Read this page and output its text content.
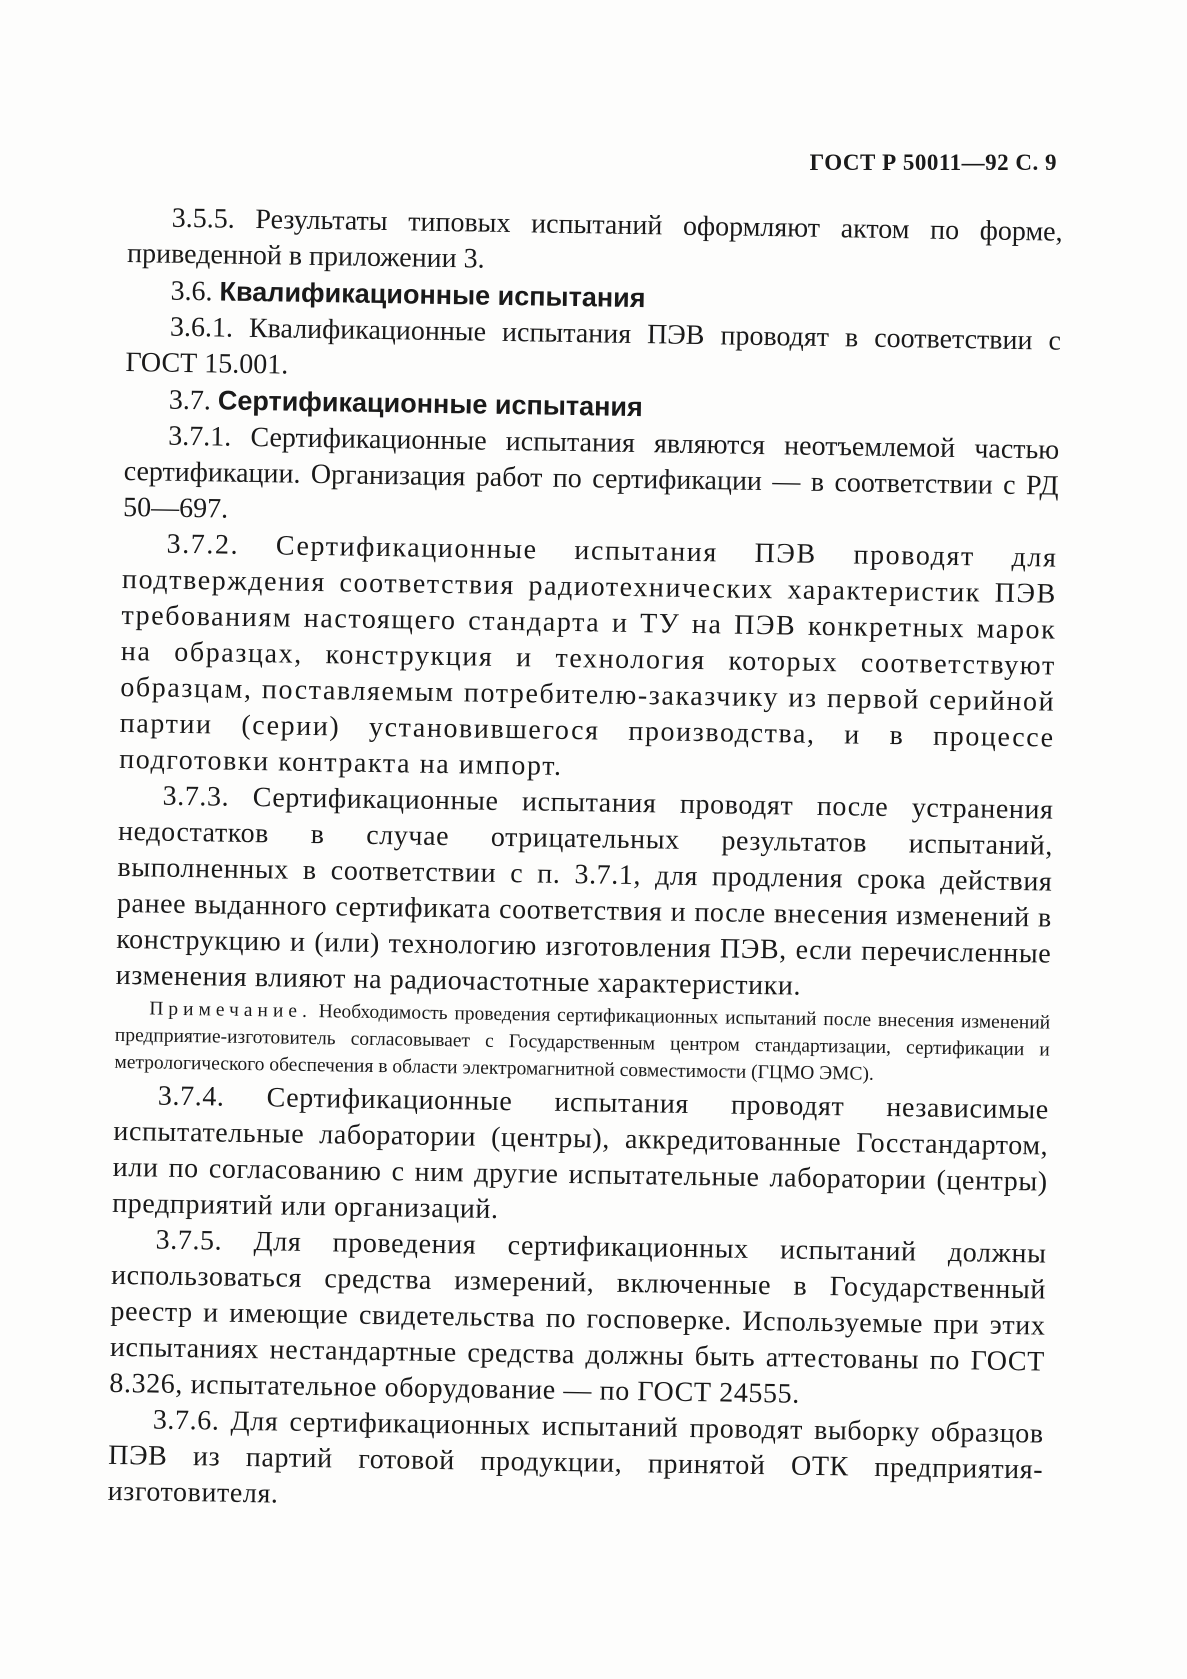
ГОСТ Р 50011—92 С. 9

3.5.5. Результаты типовых испытаний оформляют актом по форме, приведенной в приложении 3.

3.6. Квалификационные испытания

3.6.1. Квалификационные испытания ПЭВ проводят в соответствии с ГОСТ 15.001.

3.7. Сертификационные испытания

3.7.1. Сертификационные испытания являются неотъемлемой частью сертификации. Организация работ по сертификации — в соответствии с РД 50—697.

3.7.2. Сертификационные испытания ПЭВ проводят для подтверждения соответствия радиотехнических характеристик ПЭВ требованиям настоящего стандарта и ТУ на ПЭВ конкретных марок на образцах, конструкция и технология которых соответствуют образцам, поставляемым потребителю-заказчику из первой серийной партии (серии) установившегося производства, и в процессе подготовки контракта на импорт.

3.7.3. Сертификационные испытания проводят после устранения недостатков в случае отрицательных результатов испытаний, выполненных в соответствии с п. 3.7.1, для продления срока действия ранее выданного сертификата соответствия и после внесения изменений в конструкцию и (или) технологию изготовления ПЭВ, если перечисленные изменения влияют на радиочастотные характеристики.

Примечание. Необходимость проведения сертификационных испытаний после внесения изменений предприятие-изготовитель согласовывает с Государственным центром стандартизации, сертификации и метрологического обеспечения в области электромагнитной совместимости (ГЦМО ЭМС).

3.7.4. Сертификационные испытания проводят независимые испытательные лаборатории (центры), аккредитованные Госстандартом, или по согласованию с ним другие испытательные лаборатории (центры) предприятий или организаций.

3.7.5. Для проведения сертификационных испытаний должны использоваться средства измерений, включенные в Государственный реестр и имеющие свидетельства по госповерке. Используемые при этих испытаниях нестандартные средства должны быть аттестованы по ГОСТ 8.326, испытательное оборудование — по ГОСТ 24555.

3.7.6. Для сертификационных испытаний проводят выборку образцов ПЭВ из партий готовой продукции, принятой ОТК предприятия-изготовителя.
